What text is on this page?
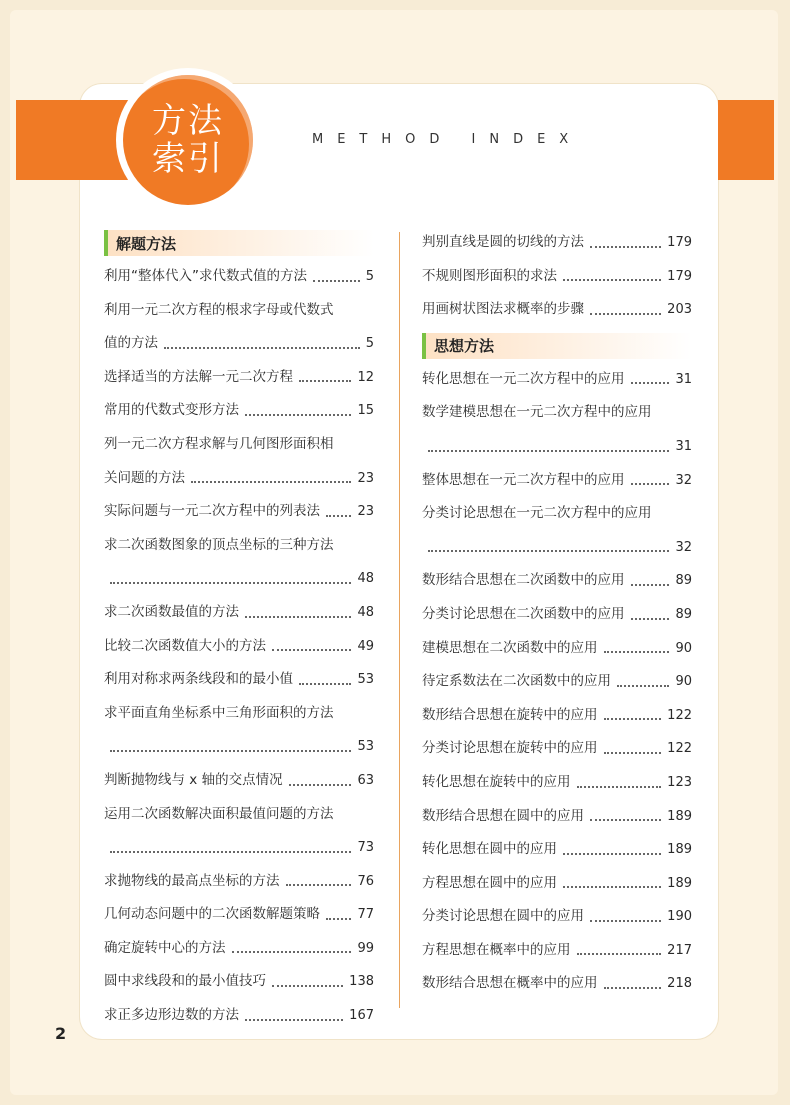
方法
索引	METHOD INDEX
解题方法
利用“整体代入”求代数式值的方法	5
利用一元二次方程的根求字母或代数式
值的方法	5
选择适当的方法解一元二次方程	12
常用的代数式变形方法	15
列一元二次方程求解与几何图形面积相
关问题的方法	23
实际问题与一元二次方程中的列表法	23
求二次函数图象的顶点坐标的三种方法
48
求二次函数最值的方法	48
比较二次函数值大小的方法	49
利用对称求两条线段和的最小值	53
求平面直角坐标系中三角形面积的方法
53
判断抛物线与 x 轴的交点情况	63
运用二次函数解决面积最值问题的方法
73
求抛物线的最高点坐标的方法	76
几何动态问题中的二次函数解题策略	77
确定旋转中心的方法	99
圆中求线段和的最小值技巧	138
求正多边形边数的方法	167
判别直线是圆的切线的方法	179
不规则图形面积的求法	179
用画树状图法求概率的步骤	203
思想方法
转化思想在一元二次方程中的应用	31
数学建模思想在一元二次方程中的应用
31
整体思想在一元二次方程中的应用	32
分类讨论思想在一元二次方程中的应用
32
数形结合思想在二次函数中的应用	89
分类讨论思想在二次函数中的应用	89
建模思想在二次函数中的应用	90
待定系数法在二次函数中的应用	90
数形结合思想在旋转中的应用	122
分类讨论思想在旋转中的应用	122
转化思想在旋转中的应用	123
数形结合思想在圆中的应用	189
转化思想在圆中的应用	189
方程思想在圆中的应用	189
分类讨论思想在圆中的应用	190
方程思想在概率中的应用	217
数形结合思想在概率中的应用	218
2
